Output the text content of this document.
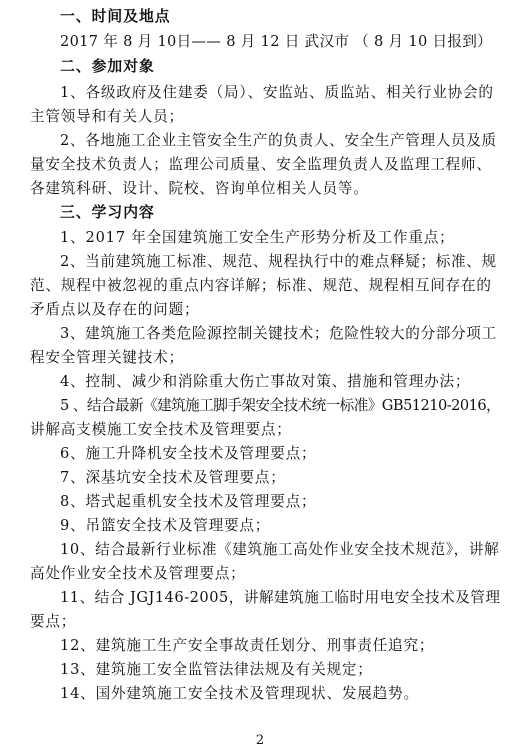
一、时间及地点
2017 年 8 月 10日—— 8 月 12 日 武汉市 （ 8 月 10 日报到）
二、参加对象
1、各级政府及住建委（局）、安监站、质监站、相关行业协会的
主管领导和有关人员；
2、各地施工企业主管安全生产的负责人、安全生产管理人员及质
量安全技术负责人；监理公司质量、安全监理负责人及监理工程师、
各建筑科研、设计、院校、咨询单位相关人员等。
三、学习内容
1、2017 年全国建筑施工安全生产形势分析及工作重点；
2、当前建筑施工标准、规范、规程执行中的难点释疑；标准、规
范、规程中被忽视的重点内容详解；标准、规范、规程相互间存在的
矛盾点以及存在的问题；
3、建筑施工各类危险源控制关键技术；危险性较大的分部分项工
程安全管理关键技术；
4、控制、减少和消除重大伤亡事故对策、措施和管理办法；
5 、结合最新《建筑施工脚手架安全技术统一标准》GB51210-2016，
讲解高支模施工安全技术及管理要点；
6、施工升降机安全技术及管理要点；
7、深基坑安全技术及管理要点；
8、塔式起重机安全技术及管理要点；
9、吊篮安全技术及管理要点；
10、结合最新行业标准《建筑施工高处作业安全技术规范》，讲解
高处作业安全技术及管理要点；
11、结合 JGJ146-2005，讲解建筑施工临时用电安全技术及管理
要点；
12、建筑施工生产安全事故责任划分、刑事责任追究；
13、建筑施工安全监管法律法规及有关规定；
14、国外建筑施工安全技术及管理现状、发展趋势。
2
